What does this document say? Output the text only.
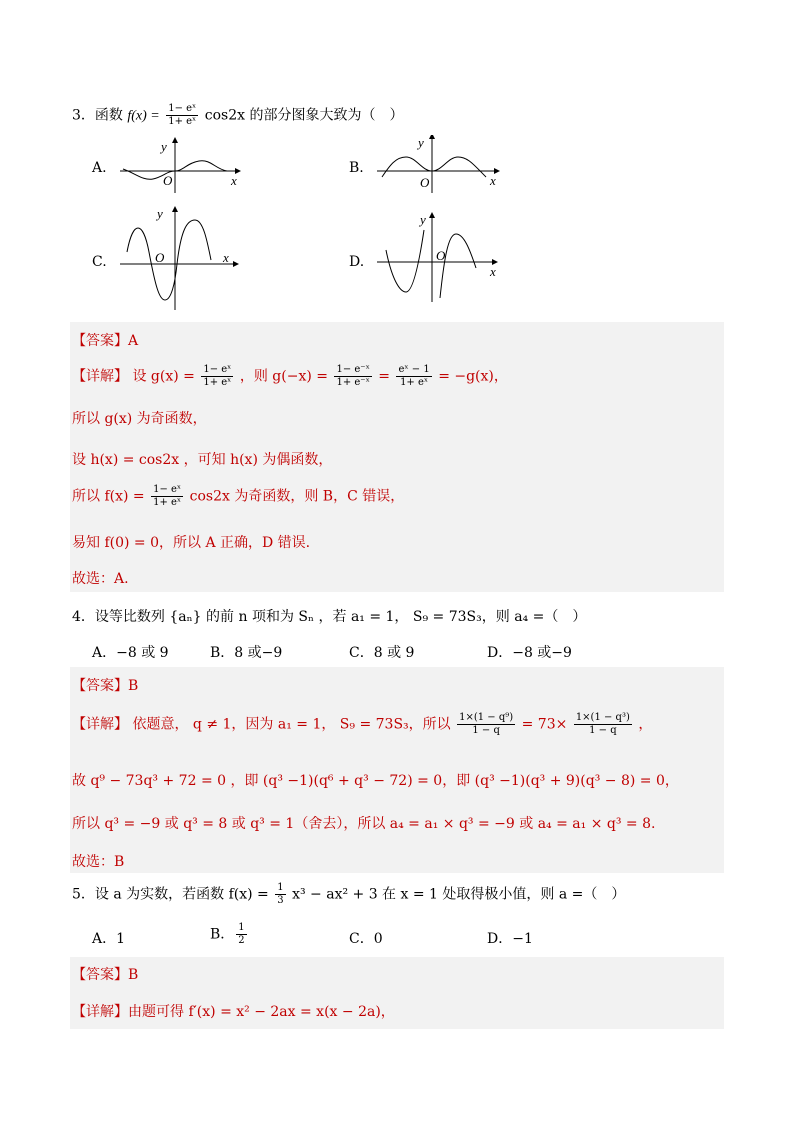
3．函数 $f(x) = \frac{\text{1− eˣ}}{\text{1+ eˣ}} \cos 2x$ 的部分图象大致为（　）
A.
y
x
O
B.
y
x
O
C.
y
x
O	D.
y
x
O
【答案】A
【详解】 设 $g(x) = \frac{\text{1− eˣ}}{\text{1+ eˣ}}$ ，则 $g(-x) = \frac{\text{1− e⁻ˣ}}{\text{1+ e⁻ˣ}} = \frac{\text{eˣ − 1}}{\text{1+ eˣ}} = -g(x)$，
所以 g(x) 为奇函数，
设 h(x) = cos2x ，可知 h(x) 为偶函数，
所以 $f(x) = \frac{\text{1− eˣ}}{\text{1+ eˣ}} \cos 2x$ 为奇函数，则 B，C 错误，
易知 f(0) = 0，所以 A 正确，D 错误.
故选：A.
4．设等比数列 {aₙ} 的前 n 项和为 Sₙ ，若 a₁ = 1， S₉ = 73S₃，则 a₄ =（　）
A．−8 或 9	B．8 或−9	C．8 或 9	D．−8 或−9
【答案】B
【详解】 依题意， q ≠ 1，因为 a₁ = 1， S₉ = 73S₃，所以 $\frac{\text{1×(1 − q⁹)}}{1 - q} = 73\times \frac{\text{1×(1 − q³)}}{1 - q}$ ，
故 q⁹ − 73q³ + 72 = 0 ，即 (q³ −1)(q⁶ + q³ − 72) = 0，即 (q³ −1)(q³ + 9)(q³ − 8) = 0，
所以 q³ = −9 或 q³ = 8 或 q³ = 1（舍去），所以 a₄ = a₁ × q³ = −9 或 a₄ = a₁ × q³ = 8.
故选：B
5．设 a 为实数，若函数 $f(x) = \frac{1}{3} x^3 - ax^2 + 3$ 在 x = 1 处取得极小值，则 a =（　）
A．1	B． $\frac{1}{2}$	C．0	D．−1
【答案】B
【详解】由题可得 f′(x) = x² − 2ax = x(x − 2a)，
